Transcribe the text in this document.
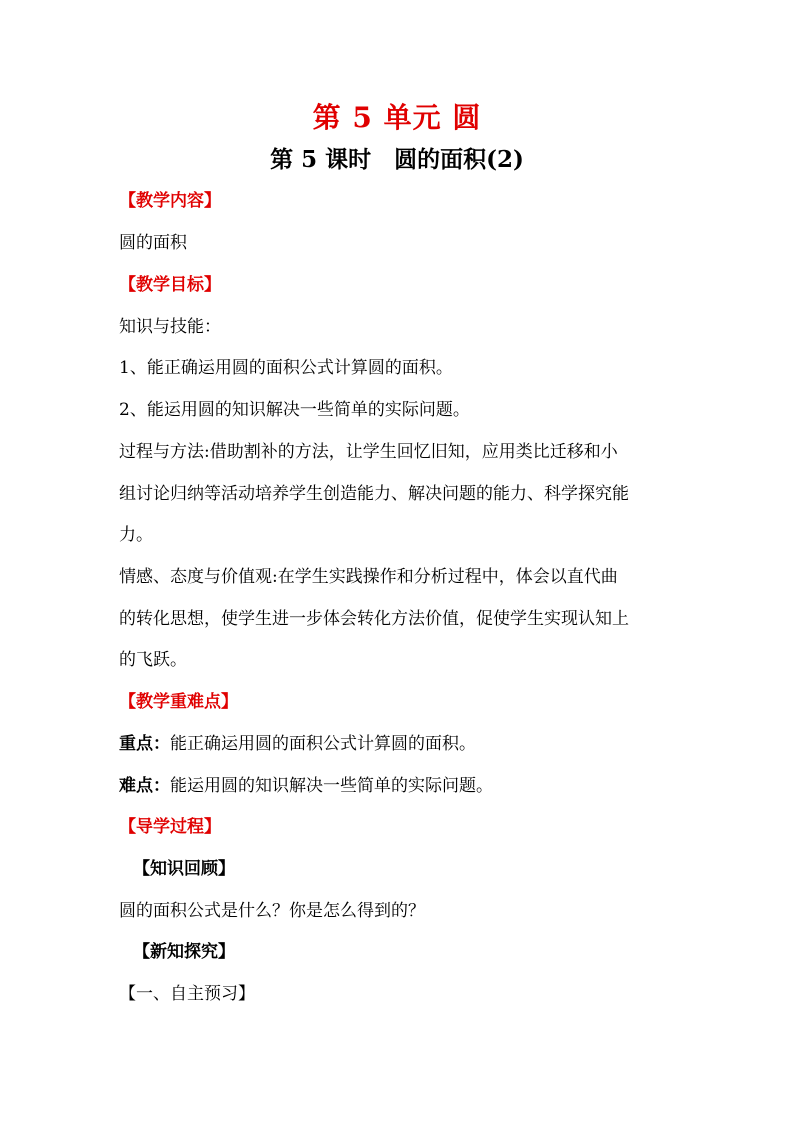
第 5 单元 圆
第 5 课时　圆的面积(2)
【教学内容】
圆的面积
【教学目标】
知识与技能：
1、能正确运用圆的面积公式计算圆的面积。
2、能运用圆的知识解决一些简单的实际问题。
过程与方法:借助割补的方法，让学生回忆旧知，应用类比迁移和小
组讨论归纳等活动培养学生创造能力、解决问题的能力、科学探究能
力。
情感、态度与价值观:在学生实践操作和分析过程中，体会以直代曲
的转化思想，使学生进一步体会转化方法价值，促使学生实现认知上
的飞跃。
【教学重难点】
重点：能正确运用圆的面积公式计算圆的面积。
难点：能运用圆的知识解决一些简单的实际问题。
【导学过程】
【知识回顾】
圆的面积公式是什么？你是怎么得到的？
【新知探究】
【一、自主预习】
